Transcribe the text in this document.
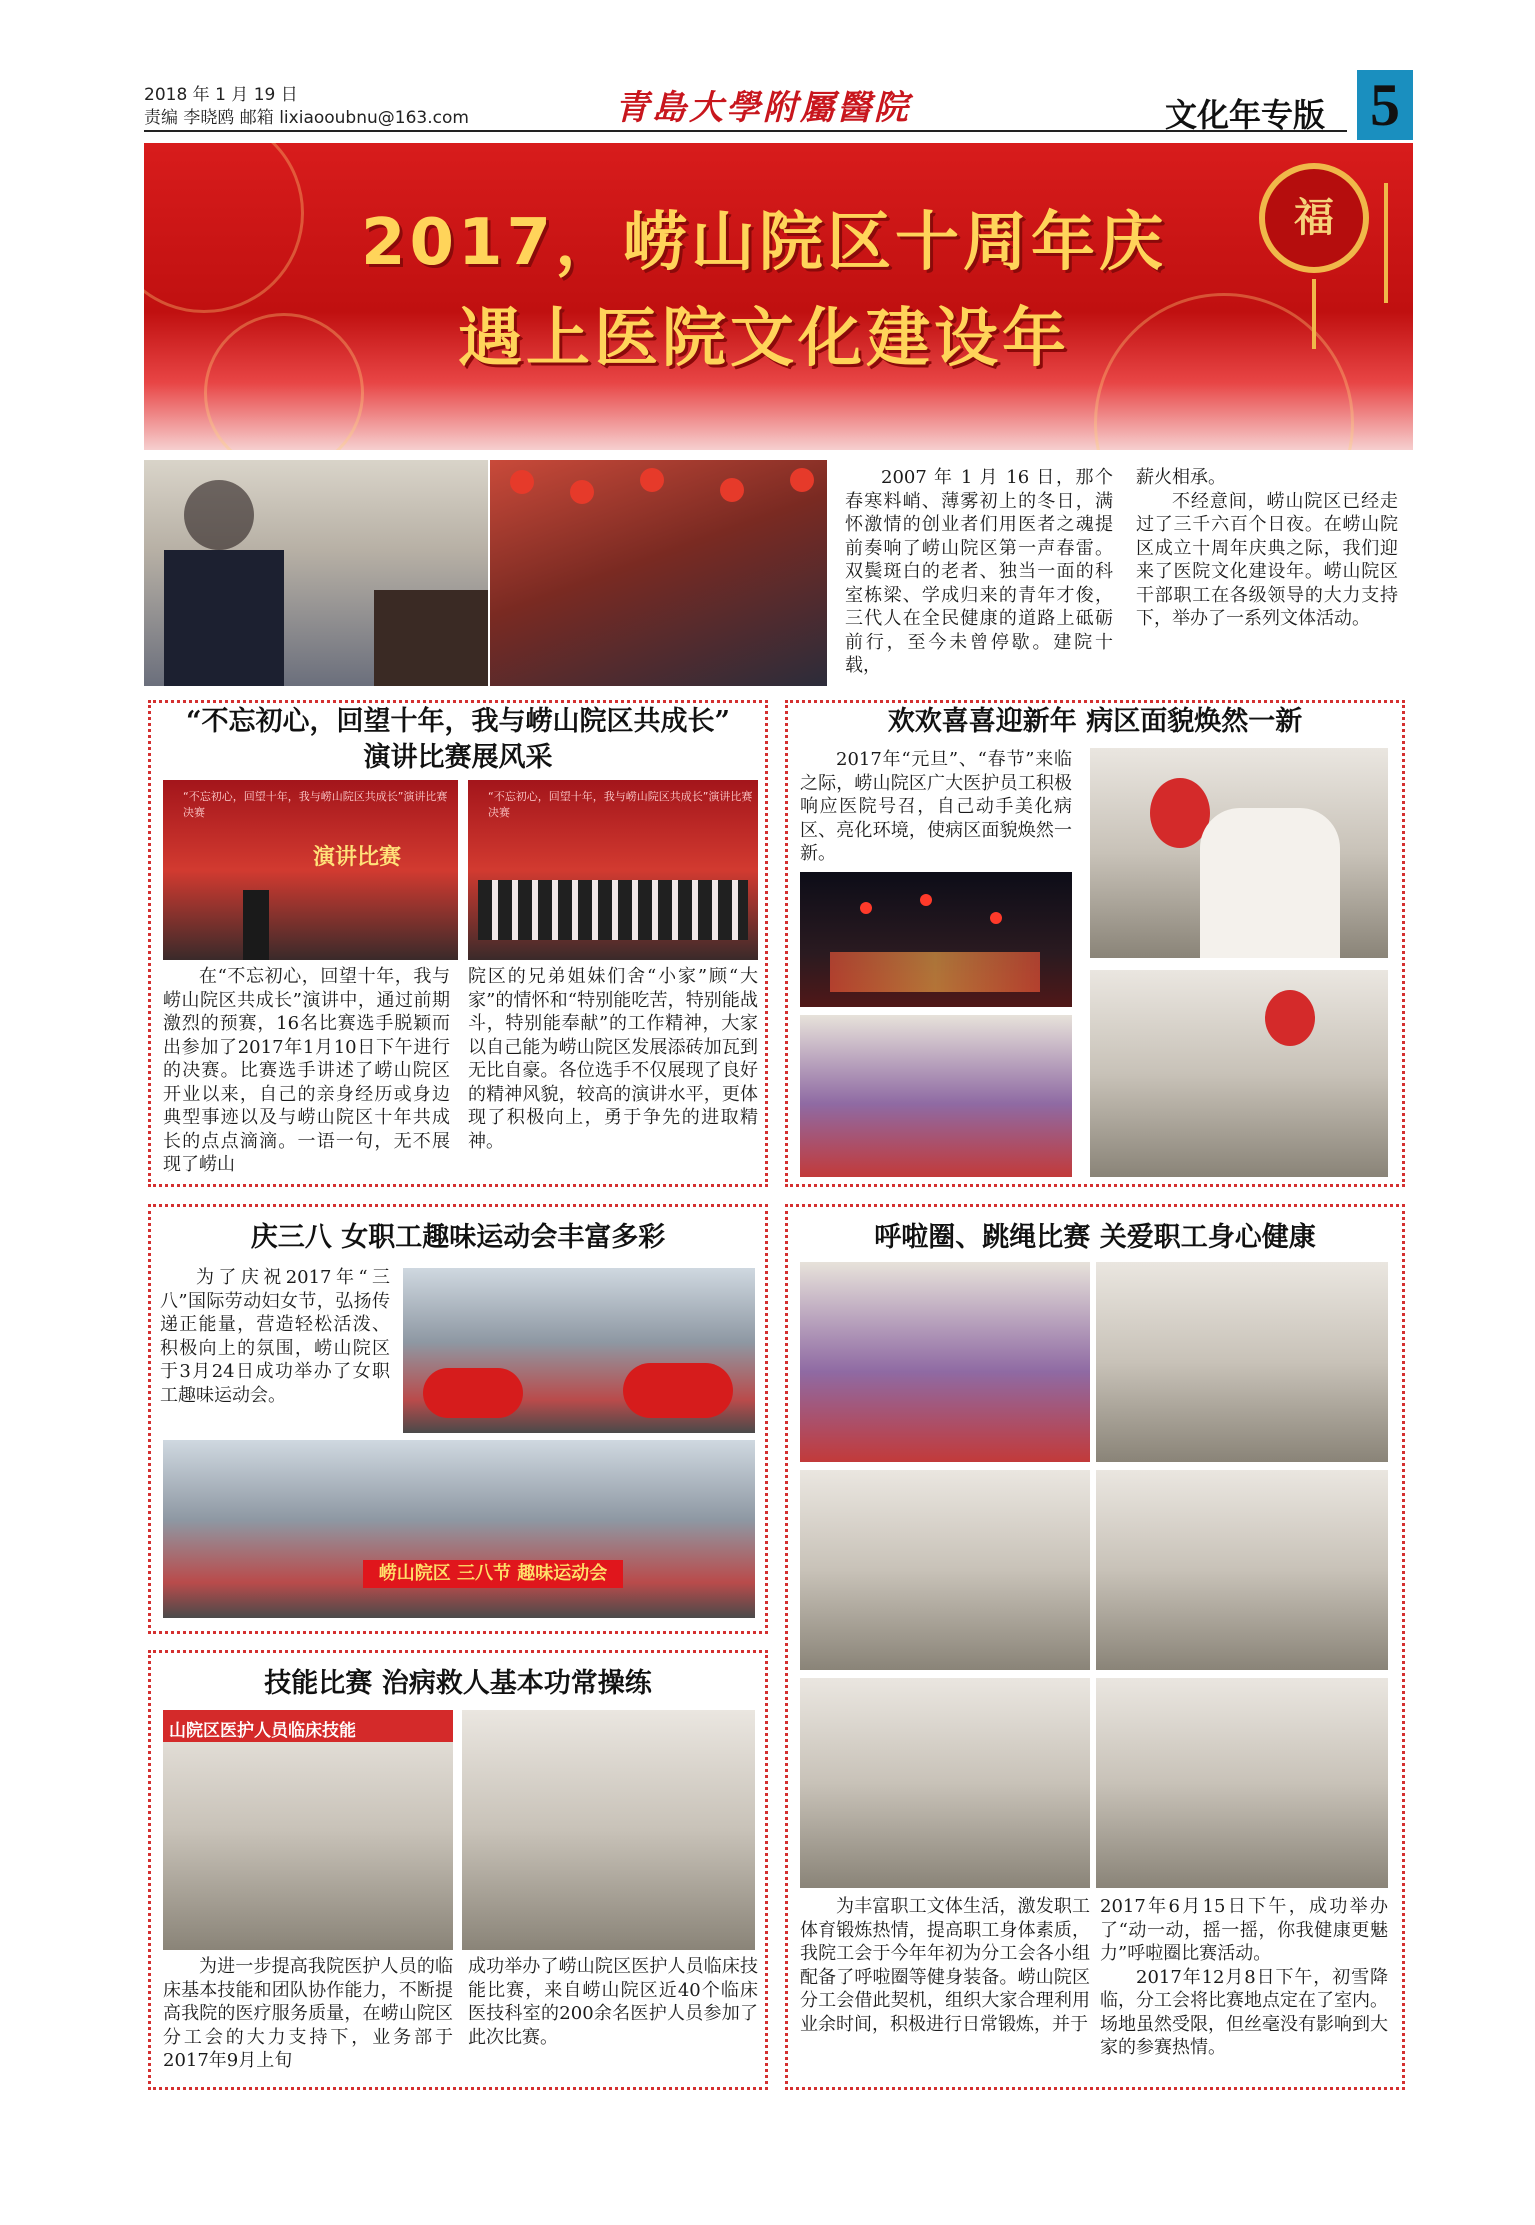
2018 年 1 月 19 日
责编 李晓鸥 邮箱 lixiaooubnu@163.com	青島大學附屬醫院	文化年专版 5
福
2017，崂山院区十周年庆
遇上医院文化建设年

2007 年 1 月 16 日，那个春寒料峭、薄雾初上的冬日，满怀激情的创业者们用医者之魂提前奏响了崂山院区第一声春雷。双鬓斑白的老者、独当一面的科室栋梁、学成归来的青年才俊，三代人在全民健康的道路上砥砺前行，至今未曾停歇。建院十载，

薪火相承。

不经意间，崂山院区已经走过了三千六百个日夜。在崂山院区成立十周年庆典之际，我们迎来了医院文化建设年。崂山院区干部职工在各级领导的大力支持下，举办了一系列文体活动。

“不忘初心，回望十年，我与崂山院区共成长”
演讲比赛展风采
“不忘初心，回望十年，我与崂山院区共成长”演讲比赛决赛
演讲比赛
“不忘初心，回望十年，我与崂山院区共成长”演讲比赛决赛

在“不忘初心，回望十年，我与崂山院区共成长”演讲中，通过前期激烈的预赛，16名比赛选手脱颖而出参加了2017年1月10日下午进行的决赛。比赛选手讲述了崂山院区开业以来，自己的亲身经历或身边典型事迹以及与崂山院区十年共成长的点点滴滴。一语一句，无不展现了崂山

院区的兄弟姐妹们舍“小家”顾“大家”的情怀和“特别能吃苦，特别能战斗，特别能奉献”的工作精神，大家以自己能为崂山院区发展添砖加瓦到无比自豪。各位选手不仅展现了良好的精神风貌，较高的演讲水平，更体现了积极向上，勇于争先的进取精神。
欢欢喜喜迎新年 病区面貌焕然一新

2017年“元旦”、“春节”来临之际，崂山院区广大医护员工积极响应医院号召，自己动手美化病区、亮化环境，使病区面貌焕然一新。

庆三八 女职工趣味运动会丰富多彩

为了庆祝2017年“三八”国际劳动妇女节，弘扬传递正能量，营造轻松活泼、积极向上的氛围，崂山院区于3月24日成功举办了女职工趣味运动会。

崂山院区 三八节 趣味运动会
技能比赛 治病救人基本功常操练
山院区医护人员临床技能

为进一步提高我院医护人员的临床基本技能和团队协作能力，不断提高我院的医疗服务质量，在崂山院区分工会的大力支持下，业务部于2017年9月上旬

成功举办了崂山院区医护人员临床技能比赛，来自崂山院区近40个临床医技科室的200余名医护人员参加了此次比赛。
呼啦圈、跳绳比赛 关爱职工身心健康

为丰富职工文体生活，激发职工体育锻炼热情，提高职工身体素质，我院工会于今年年初为分工会各小组配备了呼啦圈等健身装备。崂山院区分工会借此契机，组织大家合理利用业余时间，积极进行日常锻炼，并于

2017年6月15日下午，成功举办了“动一动，摇一摇，你我健康更魅力”呼啦圈比赛活动。

2017年12月8日下午，初雪降临，分工会将比赛地点定在了室内。场地虽然受限，但丝毫没有影响到大家的参赛热情。
